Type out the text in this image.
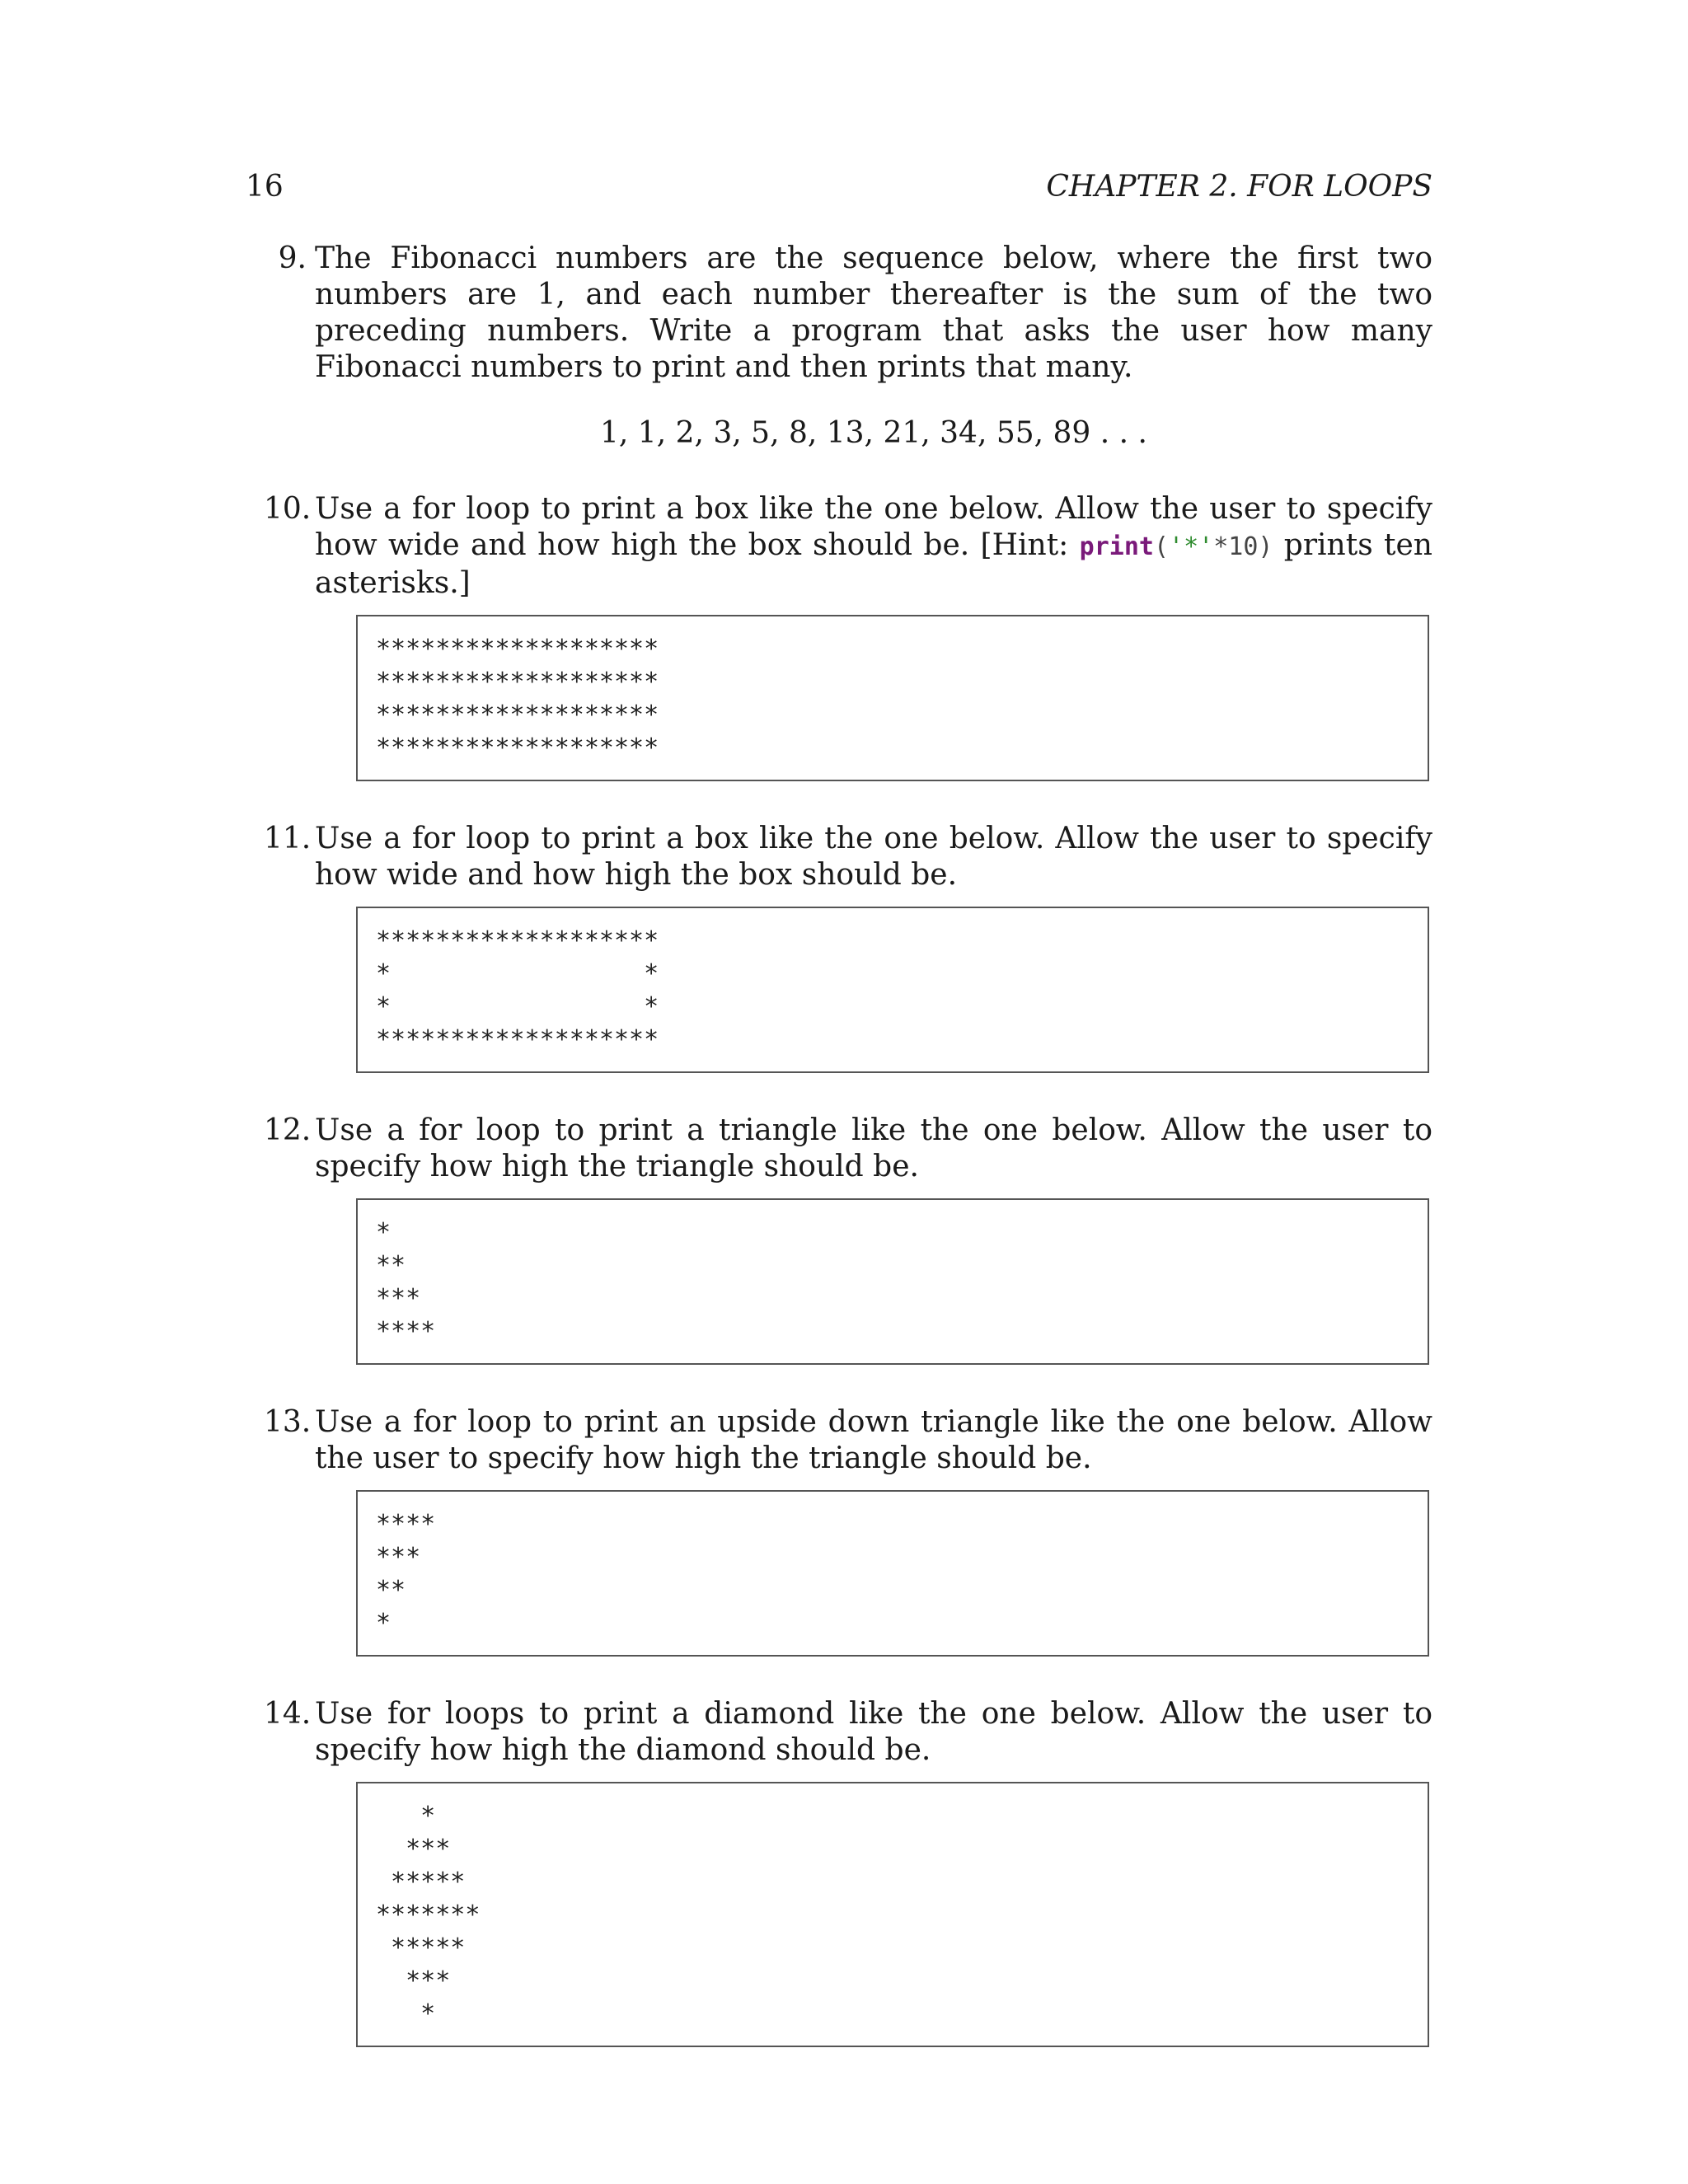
16	CHAPTER 2. FOR LOOPS
9. The Fibonacci numbers are the sequence below, where the first two numbers are 1, and each number thereafter is the sum of the two preceding numbers. Write a program that asks the user how many Fibonacci numbers to print and then prints that many.
1, 1, 2, 3, 5, 8, 13, 21, 34, 55, 89 . . .
10. Use a for loop to print a box like the one below. Allow the user to specify how wide and how high the box should be. [Hint: print('*'*10) prints ten asterisks.]
*******************
*******************
*******************
*******************
11. Use a for loop to print a box like the one below. Allow the user to specify how wide and how high the box should be.
*******************
*                 *
*                 *
*******************
12. Use a for loop to print a triangle like the one below. Allow the user to specify how high the triangle should be.
*
**
***
****
13. Use a for loop to print an upside down triangle like the one below. Allow the user to specify how high the triangle should be.
****
***
**
*
14. Use for loops to print a diamond like the one below. Allow the user to specify how high the diamond should be.
*
***
*****
*******
*****
***
*
